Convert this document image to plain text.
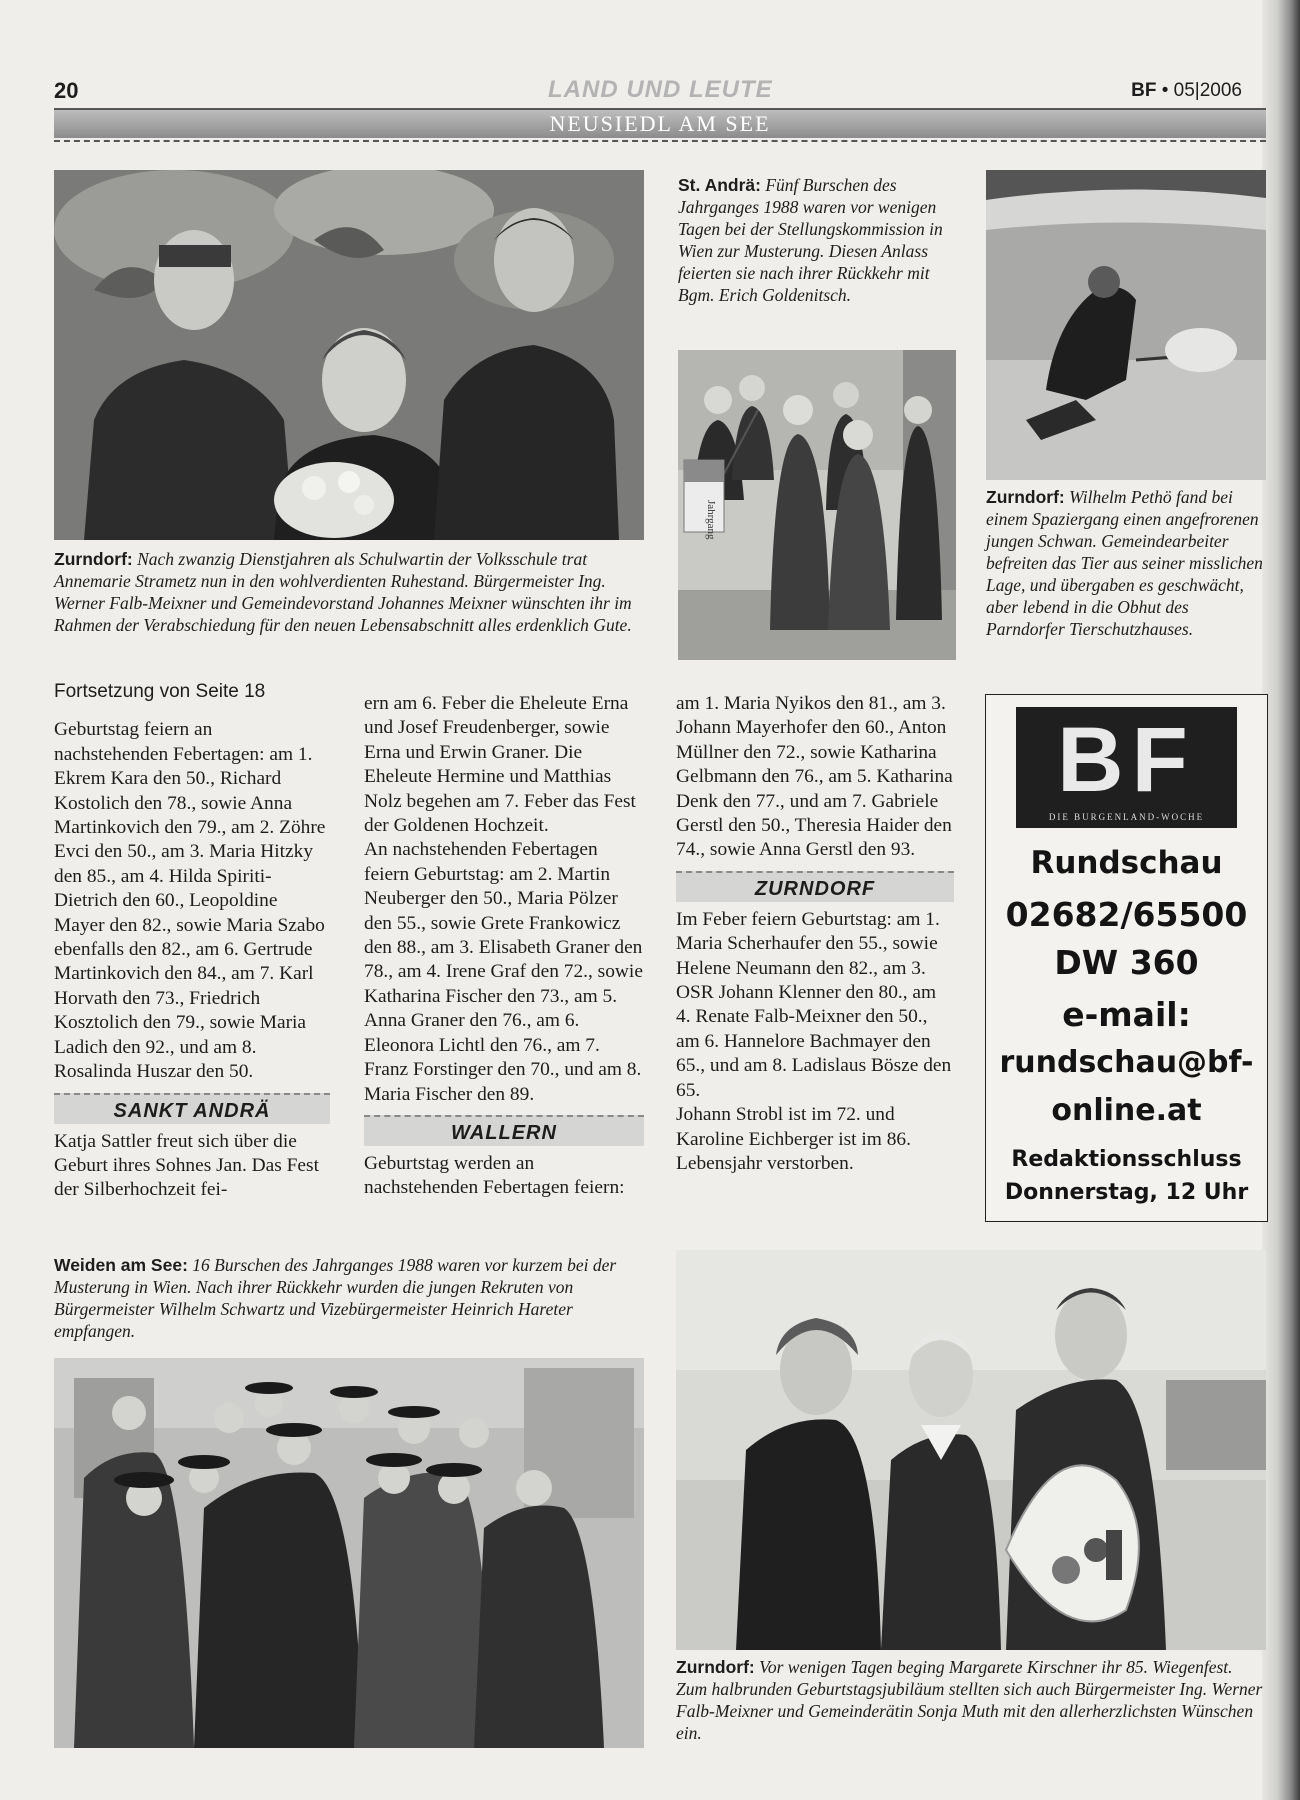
20	LAND UND LEUTE	BF • 05|2006
NEUSIEDL AM SEE
Zurndorf: Nach zwanzig Dienstjahren als Schulwartin der Volksschule trat Annemarie Strametz nun in den wohlverdienten Ruhestand. Bürgermeister Ing. Werner Falb-Meixner und Gemeindevorstand Johannes Meixner wünschten ihr im Rahmen der Verabschiedung für den neuen Lebensabschnitt alles erdenklich Gute.
St. Andrä: Fünf Burschen des Jahrganges 1988 waren vor wenigen Tagen bei der Stellungskommission in Wien zur Musterung. Diesen Anlass feierten sie nach ihrer Rückkehr mit Bgm. Erich Goldenitsch.
Jahrgang
Zurndorf: Wilhelm Pethö fand bei einem Spaziergang einen angefrorenen jungen Schwan. Gemeindearbeiter befreiten das Tier aus seiner misslichen Lage, und übergaben es geschwächt, aber lebend in die Obhut des Parndorfer Tierschutzhauses.

Fortsetzung von Seite 18

Geburtstag feiern an nachstehenden Febertagen: am 1. Ekrem Kara den 50., Richard Kostolich den 78., sowie Anna Martinkovich den 79., am 2. Zöhre Evci den 50., am 3. Maria Hitzky den 85., am 4. Hilda Spiriti-Dietrich den 60., Leopoldine Mayer den 82., sowie Maria Szabo ebenfalls den 82., am 6. Gertrude Martinkovich den 84., am 7. Karl Horvath den 73., Friedrich Kosztolich den 79., sowie Maria Ladich den 92., und am 8. Rosalinda Huszar den 50.

SANKT ANDRÄ

Katja Sattler freut sich über die Geburt ihres Sohnes Jan. Das Fest der Silberhochzeit fei-

ern am 6. Feber die Eheleute Erna und Josef Freudenberger, sowie Erna und Erwin Graner. Die Eheleute Hermine und Matthias Nolz begehen am 7. Feber das Fest der Goldenen Hochzeit.

An nachstehenden Febertagen feiern Geburtstag: am 2. Martin Neuberger den 50., Maria Pölzer den 55., sowie Grete Frankowicz den 88., am 3. Elisabeth Graner den 78., am 4. Irene Graf den 72., sowie Katharina Fischer den 73., am 5. Anna Graner den 76., am 6. Eleonora Lichtl den 76., am 7. Franz Forstinger den 70., und am 8. Maria Fischer den 89.

WALLERN

Geburtstag werden an nachstehenden Febertagen feiern:

am 1. Maria Nyikos den 81., am 3. Johann Mayerhofer den 60., Anton Müllner den 72., sowie Katharina Gelbmann den 76., am 5. Katharina Denk den 77., und am 7. Gabriele Gerstl den 50., Theresia Haider den 74., sowie Anna Gerstl den 93.

ZURNDORF

Im Feber feiern Geburtstag: am 1. Maria Scherhaufer den 55., sowie Helene Neumann den 82., am 3. OSR Johann Klenner den 80., am 4. Renate Falb-Meixner den 50., am 6. Hannelore Bachmayer den 65., und am 8. Ladislaus Bösze den 65.

Johann Strobl ist im 72. und Karoline Eichberger ist im 86. Lebensjahr verstorben.

BF
DIE BURGENLAND-WOCHE
Rundschau
02682/65500
DW 360
e-mail:
rundschau@bf-
online.at
Redaktionsschluss
Donnerstag, 12 Uhr
Weiden am See: 16 Burschen des Jahrganges 1988 waren vor kurzem bei der Musterung in Wien. Nach ihrer Rückkehr wurden die jungen Rekruten von Bürgermeister Wilhelm Schwartz und Vizebürgermeister Heinrich Hareter empfangen.
Zurndorf: Vor wenigen Tagen beging Margarete Kirschner ihr 85. Wiegenfest. Zum halbrunden Geburtstagsjubiläum stellten sich auch Bürgermeister Ing. Werner Falb-Meixner und Gemeinderätin Sonja Muth mit den allerherzlichsten Wünschen ein.
